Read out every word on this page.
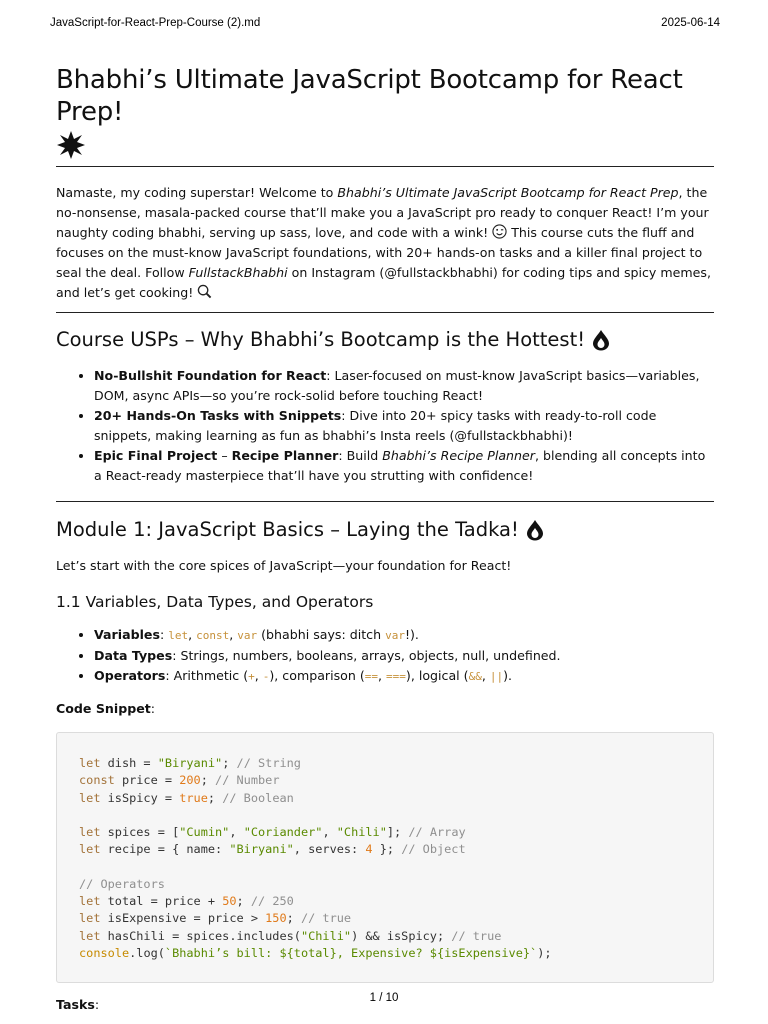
JavaScript-for-React-Prep-Course (2).md	2025-06-14
Bhabhi’s Ultimate JavaScript Bootcamp for React Prep!

Namaste, my coding superstar! Welcome to Bhabhi’s Ultimate JavaScript Bootcamp for React Prep, the no-nonsense, masala-packed course that’ll make you a JavaScript pro ready to conquer React! I’m your naughty coding bhabhi, serving up sass, love, and code with a wink!  This course cuts the fluff and focuses on the must-know JavaScript foundations, with 20+ hands-on tasks and a killer final project to seal the deal. Follow FullstackBhabhi on Instagram (@fullstackbhabhi) for coding tips and spicy memes, and let’s get cooking!

Course USPs – Why Bhabhi’s Bootcamp is the Hottest!
• No-Bullshit Foundation for React: Laser-focused on must-know JavaScript basics—variables, DOM, async APIs—so you’re rock-solid before touching React!
• 20+ Hands-On Tasks with Snippets: Dive into 20+ spicy tasks with ready-to-roll code snippets, making learning as fun as bhabhi’s Insta reels (@fullstackbhabhi)!
• Epic Final Project – Recipe Planner: Build Bhabhi’s Recipe Planner, blending all concepts into a React-ready masterpiece that’ll have you strutting with confidence!
Module 1: JavaScript Basics – Laying the Tadka!

Let’s start with the core spices of JavaScript—your foundation for React!

1.1 Variables, Data Types, and Operators
• Variables: let, const, var (bhabhi says: ditch var!).
• Data Types: Strings, numbers, booleans, arrays, objects, null, undefined.
• Operators: Arithmetic (+, -), comparison (==, ===), logical (&&, ||).

Code Snippet:

let dish = "Biryani"; // String
const price = 200; // Number
let isSpicy = true; // Boolean

let spices = ["Cumin", "Coriander", "Chili"]; // Array
let recipe = { name: "Biryani", serves: 4 }; // Object

// Operators
let total = price + 50; // 250
let isExpensive = price > 150; // true
let hasChili = spices.includes("Chili") && isSpicy; // true
console.log(`Bhabhi’s bill: ${total}, Expensive? ${isExpensive}`);

Tasks:	1 / 10
